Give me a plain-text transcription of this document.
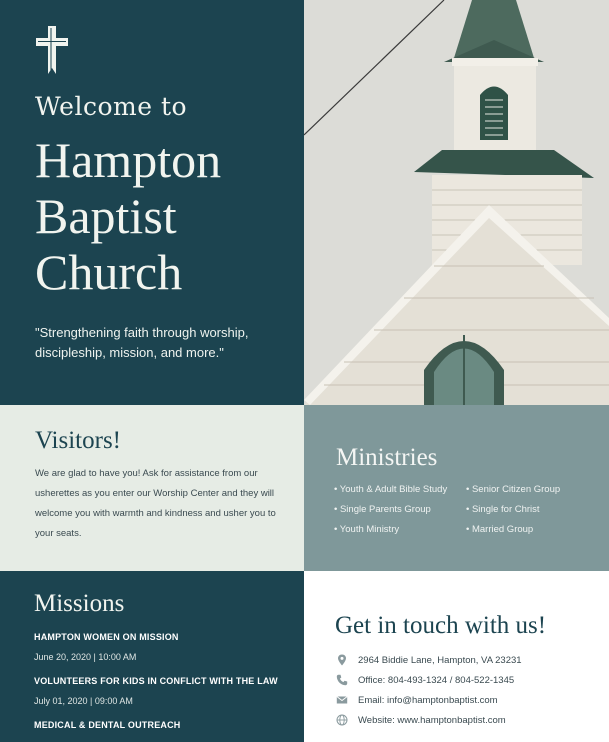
Welcome to
Hampton
Baptist
Church
"Strengthening faith through worship, discipleship, mission, and more."
Visitors!
We are glad to have you! Ask for assistance from our usherettes as you enter our Worship Center and they will welcome you with warmth and kindness and usher you to your seats.
Ministries
• Youth & Adult Bible Study
• Single Parents Group
• Youth Ministry
• Senior Citizen Group
• Single for Christ
• Married Group
Missions
HAMPTON WOMEN ON MISSION
June 20, 2020 | 10:00 AM
VOLUNTEERS FOR KIDS IN CONFLICT WITH THE LAW
July 01, 2020 | 09:00 AM
MEDICAL & DENTAL OUTREACH
Get in touch with us!
2964 Biddie Lane, Hampton, VA 23231
Office: 804-493-1324 / 804-522-1345
Email: info@hamptonbaptist.com
Website: www.hamptonbaptist.com
